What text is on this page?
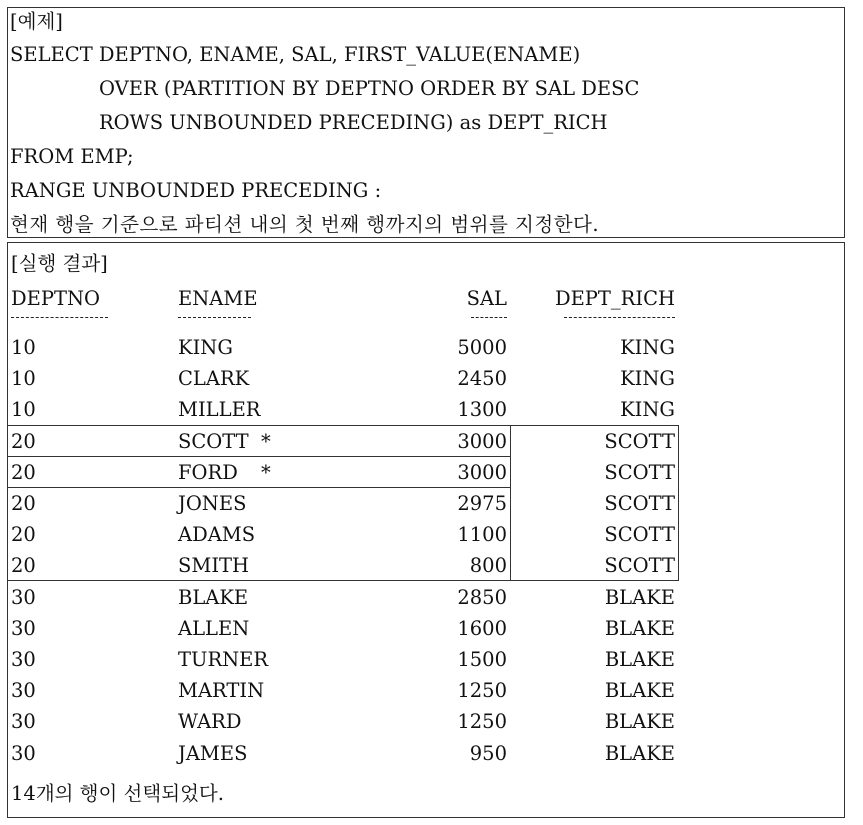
[예제]
SELECT DEPTNO, ENAME, SAL, FIRST_VALUE(ENAME)
OVER (PARTITION BY DEPTNO ORDER BY SAL DESC
ROWS UNBOUNDED PRECEDING) as DEPT_RICH
FROM EMP;
RANGE UNBOUNDED PRECEDING :
현재 행을 기준으로 파티션 내의 첫 번째 행까지의 범위를 지정한다.
[실행 결과]
DEPTNO	ENAME	SAL	DEPT_RICH
10	KING	5000	KING
10	CLARK	2450	KING
10	MILLER	1300	KING
20	SCOTT *	3000	SCOTT
20	FORD *	3000	SCOTT
20	JONES	2975	SCOTT
20	ADAMS	1100	SCOTT
20	SMITH	800	SCOTT
30	BLAKE	2850	BLAKE
30	ALLEN	1600	BLAKE
30	TURNER	1500	BLAKE
30	MARTIN	1250	BLAKE
30	WARD	1250	BLAKE
30	JAMES	950	BLAKE
14개의 행이 선택되었다.
